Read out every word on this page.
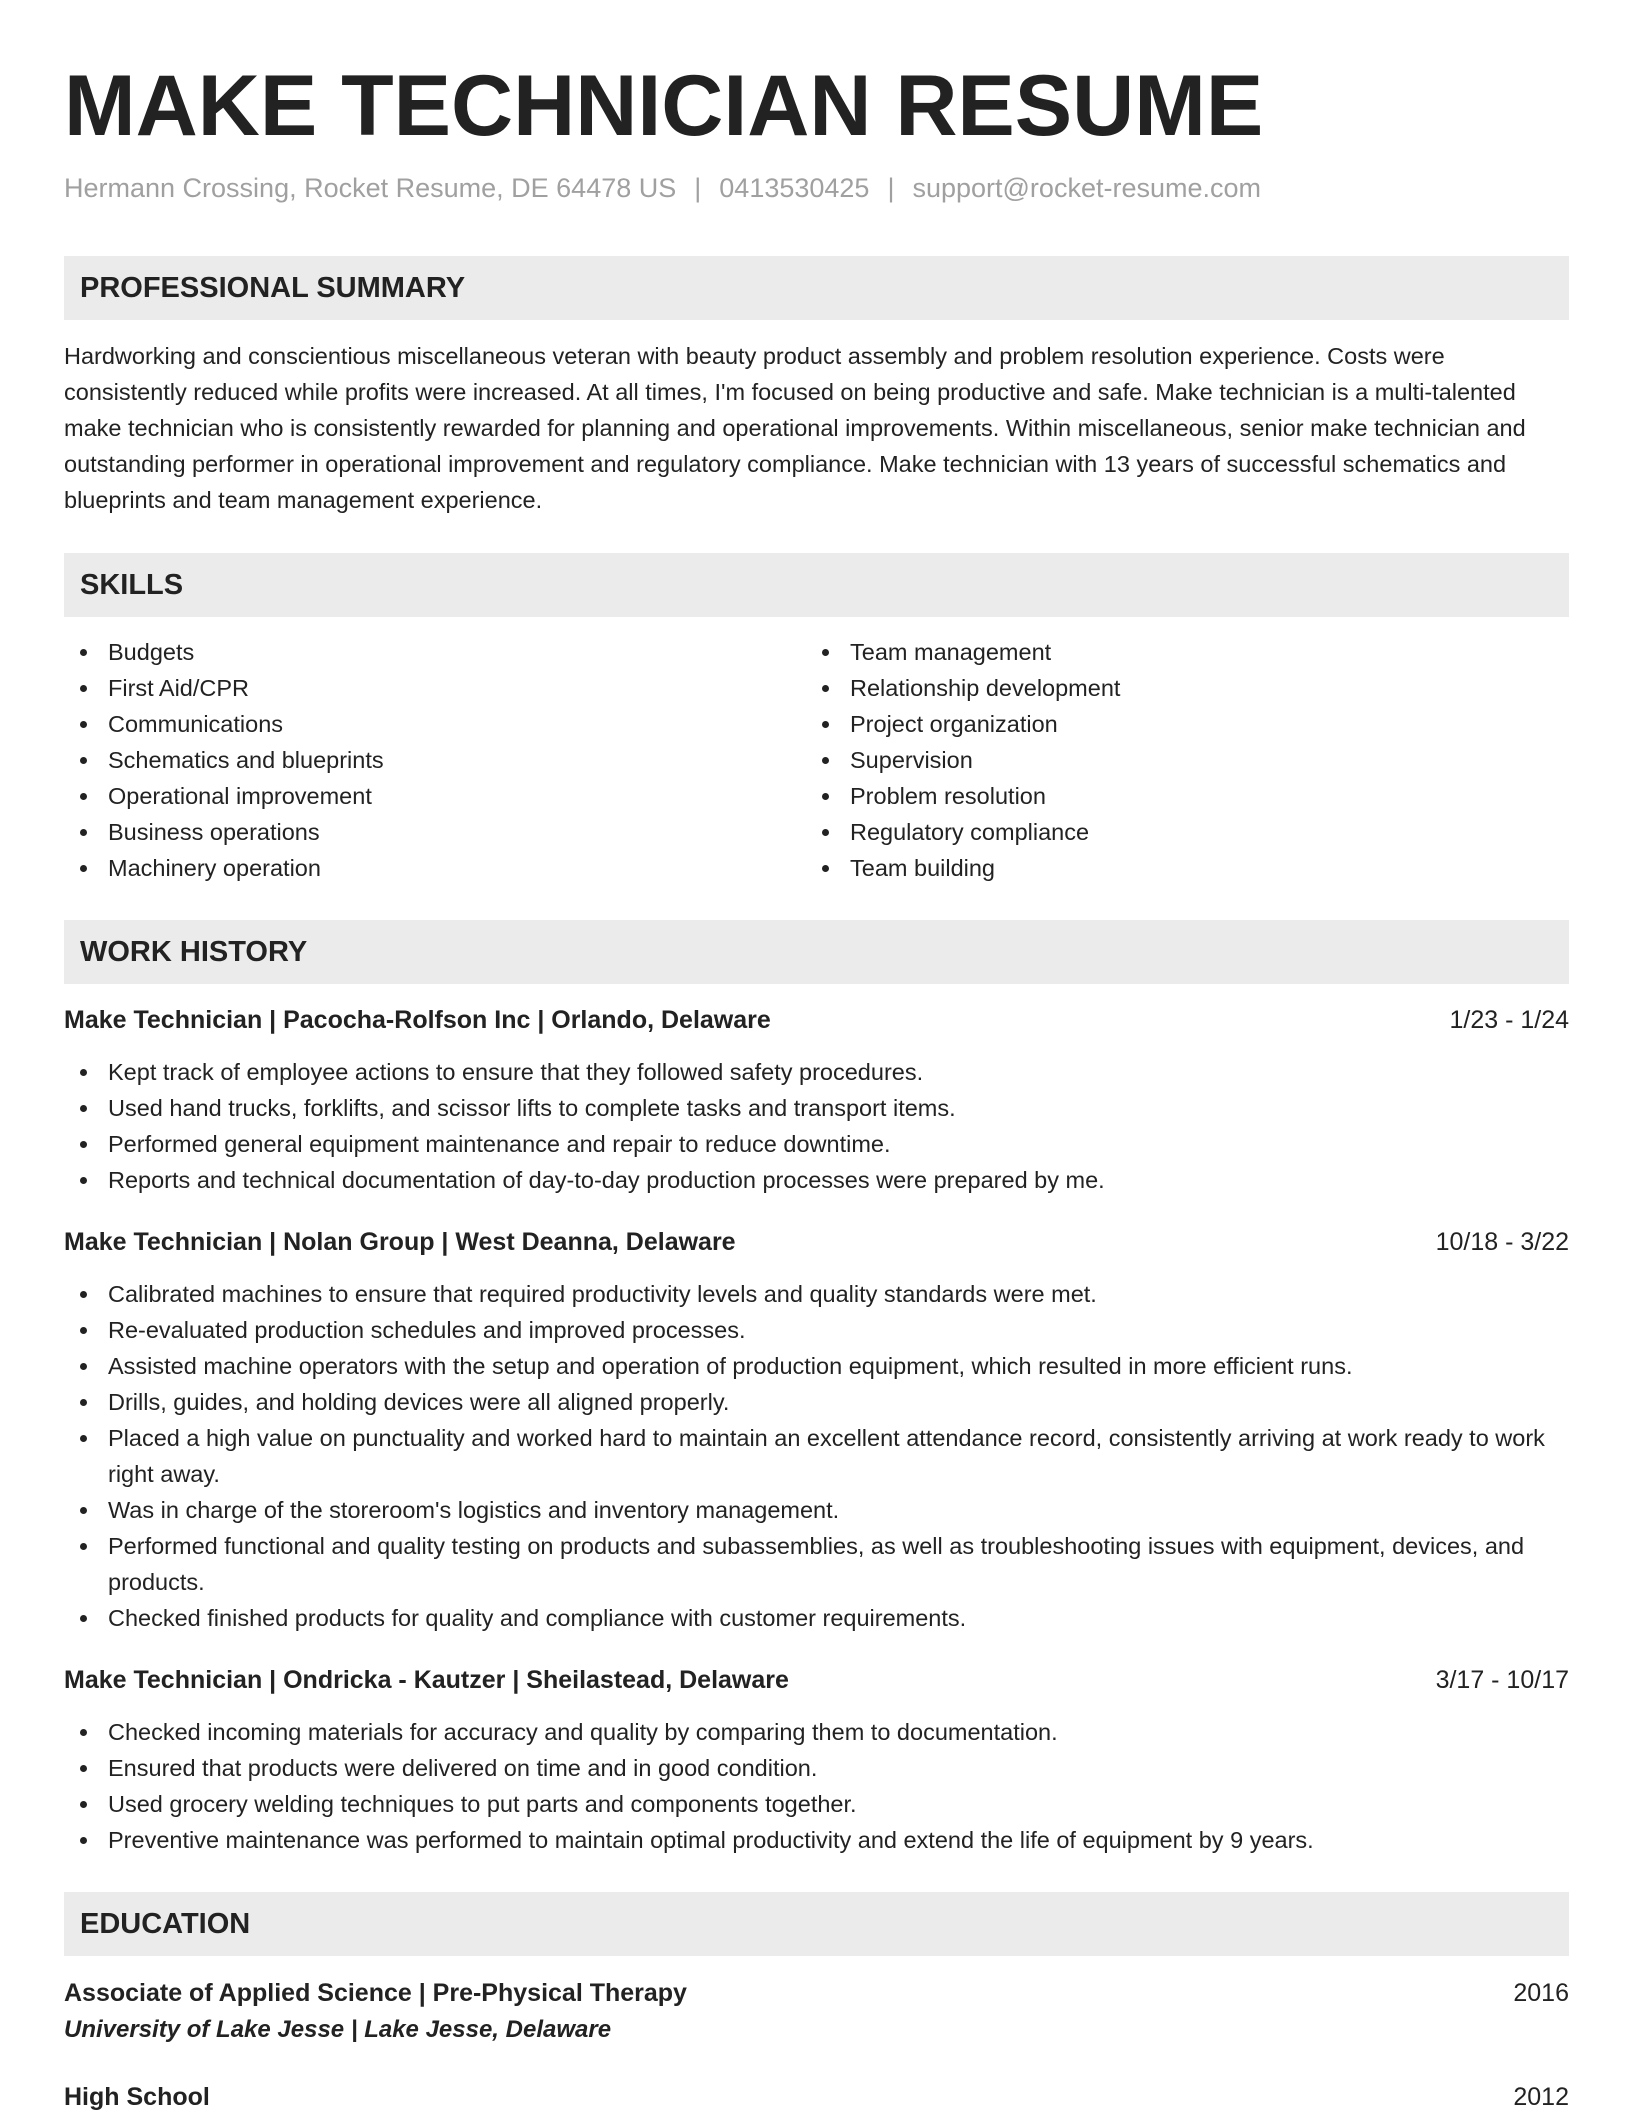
MAKE TECHNICIAN RESUME
Hermann Crossing, Rocket Resume, DE 64478 US | 0413530425 | support@rocket-resume.com
PROFESSIONAL SUMMARY

Hardworking and conscientious miscellaneous veteran with beauty product assembly and problem resolution experience. Costs were consistently reduced while profits were increased. At all times, I'm focused on being productive and safe. Make technician is a multi-talented make technician who is consistently rewarded for planning and operational improvements. Within miscellaneous, senior make technician and outstanding performer in operational improvement and regulatory compliance. Make technician with 13 years of successful schematics and blueprints and team management experience.

SKILLS
Budgets
First Aid/CPR
Communications
Schematics and blueprints
Operational improvement
Business operations
Machinery operation
Team management
Relationship development
Project organization
Supervision
Problem resolution
Regulatory compliance
Team building
WORK HISTORY
Make Technician | Pacocha-Rolfson Inc | Orlando, Delaware	1/23 - 1/24
Kept track of employee actions to ensure that they followed safety procedures.
Used hand trucks, forklifts, and scissor lifts to complete tasks and transport items.
Performed general equipment maintenance and repair to reduce downtime.
Reports and technical documentation of day-to-day production processes were prepared by me.
Make Technician | Nolan Group | West Deanna, Delaware	10/18 - 3/22
Calibrated machines to ensure that required productivity levels and quality standards were met.
Re-evaluated production schedules and improved processes.
Assisted machine operators with the setup and operation of production equipment, which resulted in more efficient runs.
Drills, guides, and holding devices were all aligned properly.
Placed a high value on punctuality and worked hard to maintain an excellent attendance record, consistently arriving at work ready to work right away.
Was in charge of the storeroom's logistics and inventory management.
Performed functional and quality testing on products and subassemblies, as well as troubleshooting issues with equipment, devices, and products.
Checked finished products for quality and compliance with customer requirements.
Make Technician | Ondricka - Kautzer | Sheilastead, Delaware	3/17 - 10/17
Checked incoming materials for accuracy and quality by comparing them to documentation.
Ensured that products were delivered on time and in good condition.
Used grocery welding techniques to put parts and components together.
Preventive maintenance was performed to maintain optimal productivity and extend the life of equipment by 9 years.
EDUCATION
Associate of Applied Science | Pre-Physical Therapy	2016
University of Lake Jesse | Lake Jesse, Delaware
High School	2012
